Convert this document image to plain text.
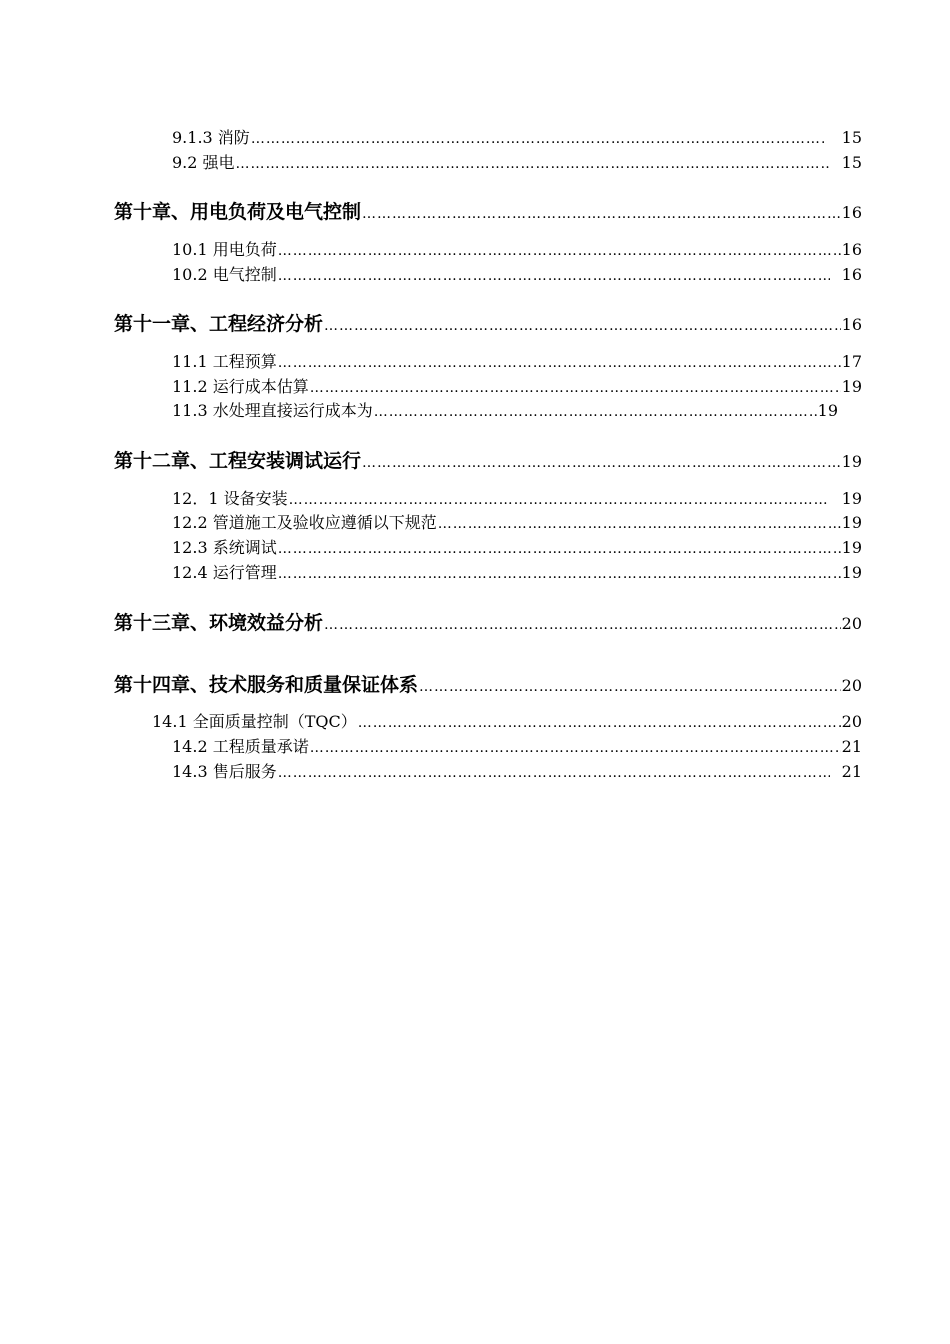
9.1.3 消防 …………………………………………………………………………………………………………………………………………………………………………………………………………………………	15
9.2 强电 …………………………………………………………………………………………………………………………………………………………………………………………………………………………	15
第十章、用电负荷及电气控制 …………………………………………………………………………………………………………………………………………………………………………………………………………………………	16
10.1 用电负荷 …………………………………………………………………………………………………………………………………………………………………………………………………………………………	16
10.2 电气控制 …………………………………………………………………………………………………………………………………………………………………………………………………………………………	16
第十一章、工程经济分析 …………………………………………………………………………………………………………………………………………………………………………………………………………………………	16
11.1 工程预算 …………………………………………………………………………………………………………………………………………………………………………………………………………………………	17
11.2 运行成本估算 …………………………………………………………………………………………………………………………………………………………………………………………………………………………	19
11.3 水处理直接运行成本为 …………………………………………………………………………………………………………………………………………………………………………………………………………………………	19
第十二章、工程安装调试运行 …………………………………………………………………………………………………………………………………………………………………………………………………………………………	19
12．1 设备安装 …………………………………………………………………………………………………………………………………………………………………………………………………………………………	19
12.2 管道施工及验收应遵循以下规范 …………………………………………………………………………………………………………………………………………………………………………………………………………………………	19
12.3 系统调试 …………………………………………………………………………………………………………………………………………………………………………………………………………………………	19
12.4 运行管理 …………………………………………………………………………………………………………………………………………………………………………………………………………………………	19
第十三章、环境效益分析 …………………………………………………………………………………………………………………………………………………………………………………………………………………………	20
第十四章、技术服务和质量保证体系 …………………………………………………………………………………………………………………………………………………………………………………………………………………………	20
14.1 全面质量控制（TQC） …………………………………………………………………………………………………………………………………………………………………………………………………………………………	20
14.2 工程质量承诺 …………………………………………………………………………………………………………………………………………………………………………………………………………………………	21
14.3 售后服务 …………………………………………………………………………………………………………………………………………………………………………………………………………………………	21
